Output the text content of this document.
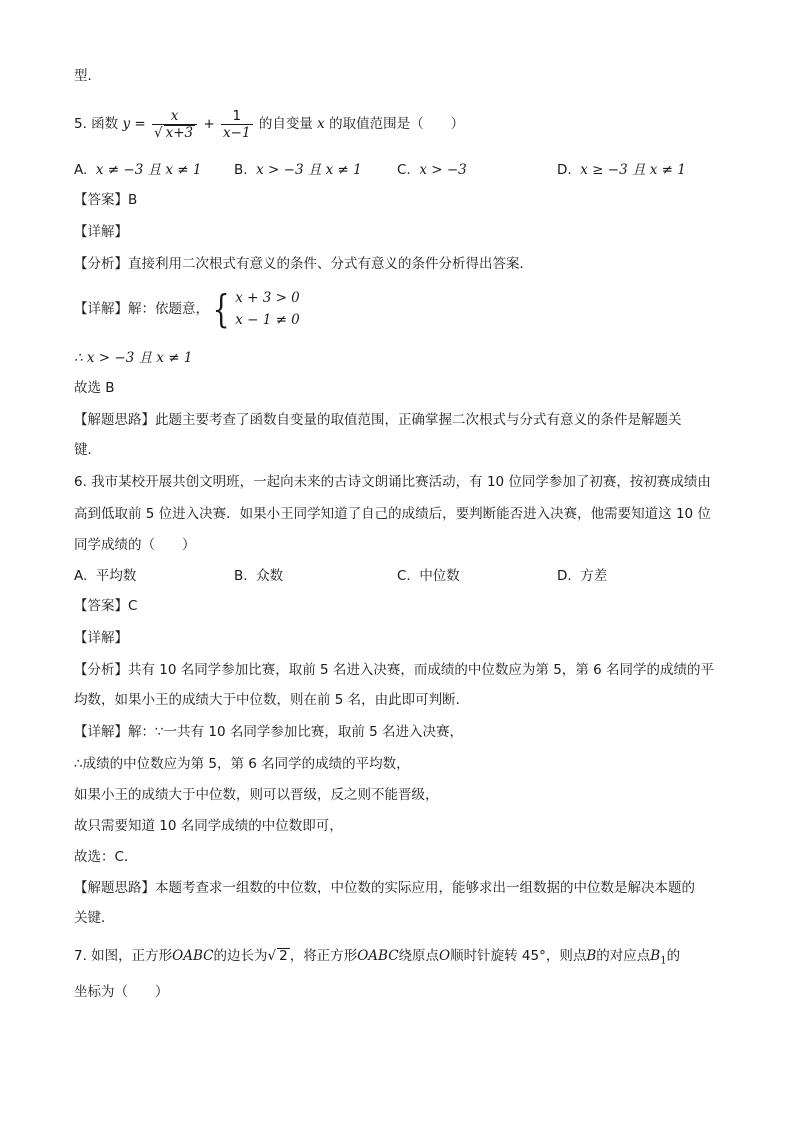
型．
5. 函数 $y = \frac{x}{√ x+3} + \frac{1}{x-1}$ 的自变量 x 的取值范围是（　　）
A. x ≠ −3 且 x ≠ 1 B. x > −3 且 x ≠ 1	C. x > −3	D. x ≥ −3 且 x ≠ 1
【答案】B
【详解】
【分析】直接利用二次根式有意义的条件、分式有意义的条件分析得出答案．
【详解】解：依题意，{ x + 3 > 0
x − 1 ≠ 0
∴ x > −3 且 x ≠ 1
故选 B
【解题思路】此题主要考查了函数自变量的取值范围，正确掌握二次根式与分式有意义的条件是解题关
键．
6. 我市某校开展共创文明班，一起向未来的古诗文朗诵比赛活动，有 10 位同学参加了初赛，按初赛成绩由
高到低取前 5 位进入决赛．如果小王同学知道了自己的成绩后，要判断能否进入决赛，他需要知道这 10 位
同学成绩的（　　）
A. 平均数	B. 众数	C. 中位数	D. 方差
【答案】C
【详解】
【分析】共有 10 名同学参加比赛，取前 5 名进入决赛，而成绩的中位数应为第 5，第 6 名同学的成绩的平
均数，如果小王的成绩大于中位数，则在前 5 名，由此即可判断．
【详解】解：∵一共有 10 名同学参加比赛，取前 5 名进入决赛，
∴成绩的中位数应为第 5，第 6 名同学的成绩的平均数，
如果小王的成绩大于中位数，则可以晋级，反之则不能晋级，
故只需要知道 10 名同学成绩的中位数即可，
故选：C．
【解题思路】本题考查求一组数的中位数，中位数的实际应用，能够求出一组数据的中位数是解决本题的
关键．
7. 如图，正方形OABC的边长为√ 2 ，将正方形OABC绕原点O顺时针旋转 45°，则点B的对应点$B_1$的
坐标为（　　）
